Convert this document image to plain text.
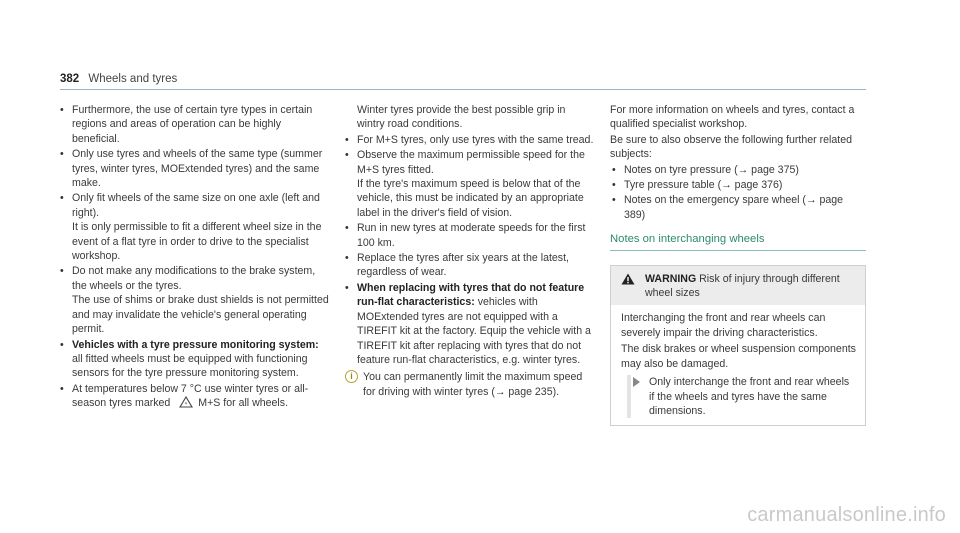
382 Wheels and tyres
• Furthermore, the use of certain tyre types in certain regions and areas of operation can be highly beneficial.
• Only use tyres and wheels of the same type (summer tyres, winter tyres, MOExtended tyres) and the same make.
• Only fit wheels of the same size on one axle (left and right).

It is only permissible to fit a different wheel size in the event of a flat tyre in order to drive to the specialist workshop.

• Do not make any modifications to the brake system, the wheels or the tyres.

The use of shims or brake dust shields is not permitted and may invalidate the vehicle's general operating permit.

• Vehicles with a tyre pressure monitoring system: all fitted wheels must be equipped with functioning sensors for the tyre pressure monitoring system.
• At temperatures below 7 °C use winter tyres or all-season tyres marked	* M+S for all wheels.

Winter tyres provide the best possible grip in wintry road conditions.

• For M+S tyres, only use tyres with the same tread.
• Observe the maximum permissible speed for the M+S tyres fitted.

If the tyre's maximum speed is below that of the vehicle, this must be indicated by an appropriate label in the driver's field of vision.

• Run in new tyres at moderate speeds for the first 100 km.
• Replace the tyres after six years at the latest, regardless of wear.
• When replacing with tyres that do not feature run-flat characteristics: vehicles with MOExtended tyres are not equipped with a TIREFIT kit at the factory. Equip the vehicle with a TIREFIT kit after replacing with tyres that do not feature run-flat characteristics, e.g. winter tyres.
i You can permanently limit the maximum speed for driving with winter tyres (→ page 235).

For more information on wheels and tyres, contact a qualified specialist workshop.

Be sure to also observe the following further related subjects:

• Notes on tyre pressure (→ page 375)
• Tyre pressure table (→ page 376)
• Notes on the emergency spare wheel (→ page 389)
Notes on interchanging wheels
WARNING Risk of injury through different wheel sizes

Interchanging the front and rear wheels can severely impair the driving characteristics.

The disk brakes or wheel suspension components may also be damaged.

Only interchange the front and rear wheels if the wheels and tyres have the same dimensions.
carmanualsonline.info
